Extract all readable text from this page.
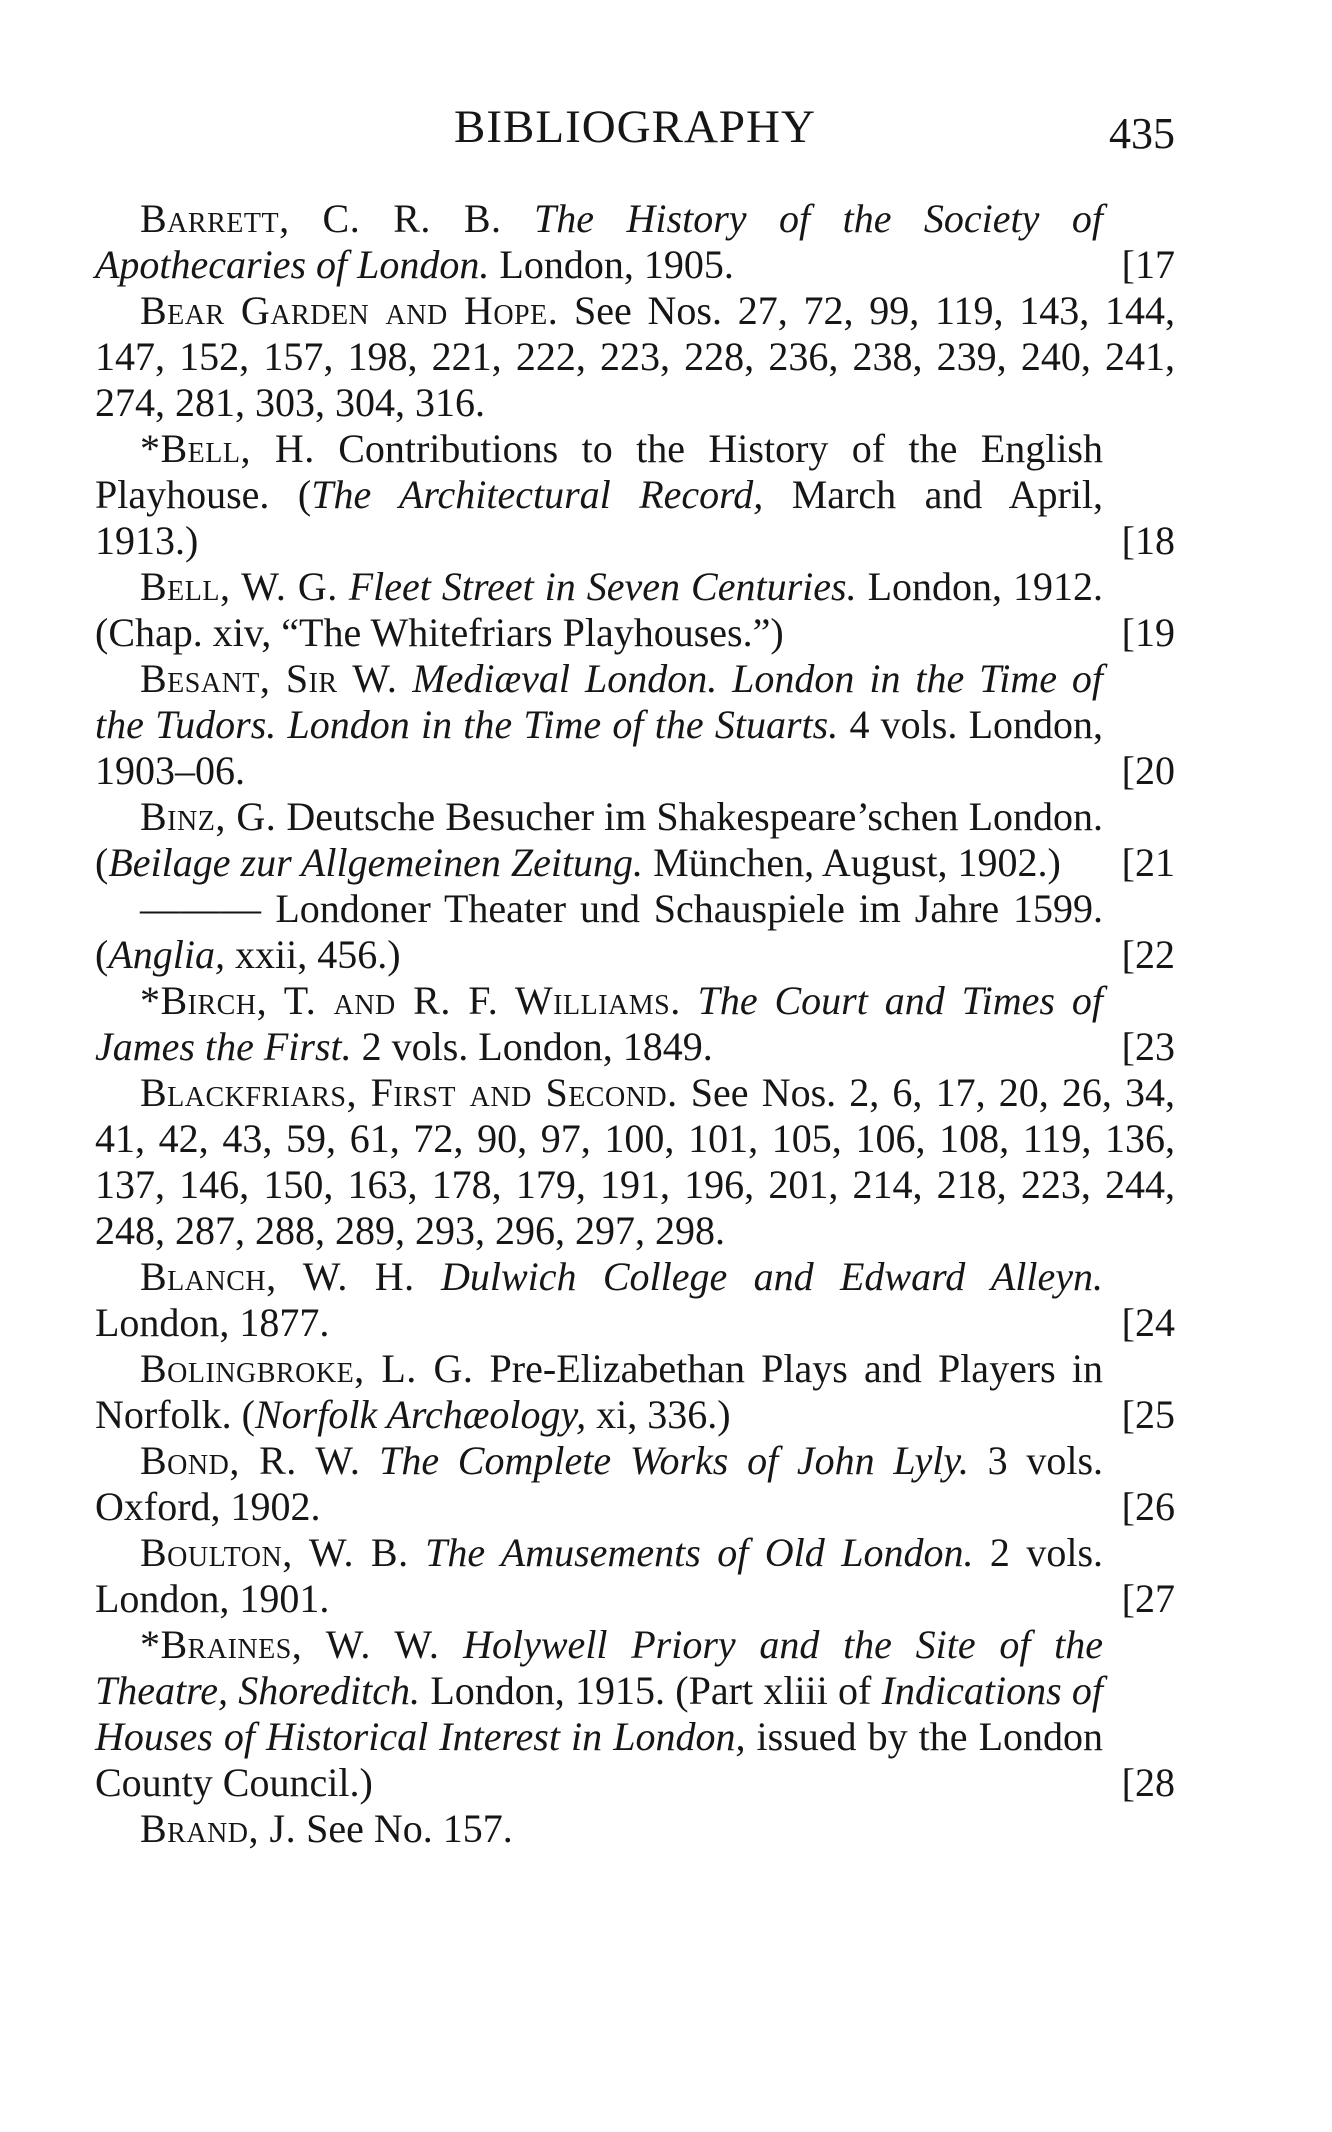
BIBLIOGRAPHY	435

Barrett, C. R. B. The History of the Society of Apothecaries of London. London, 1905.	[17

Bear Garden and Hope. See Nos. 27, 72, 99, 119, 143, 144, 147, 152, 157, 198, 221, 222, 223, 228, 236, 238, 239, 240, 241, 274, 281, 303, 304, 316.

*Bell, H. Contributions to the History of the English Playhouse. (The Architectural Record, March and April, 1913.)	[18

Bell, W. G. Fleet Street in Seven Centuries. London, 1912. (Chap. xiv, “The Whitefriars Playhouses.”)	[19

Besant, Sir W. Mediæval London. London in the Time of the Tudors. London in the Time of the Stuarts. 4 vols. London, 1903–06.	[20

Binz, G. Deutsche Besucher im Shakespeare’schen London. (Beilage zur Allgemeinen Zeitung. München, August, 1902.)	[21

——— Londoner Theater und Schauspiele im Jahre 1599. (Anglia, xxii, 456.)	[22

*Birch, T. and R. F. Williams. The Court and Times of James the First. 2 vols. London, 1849.	[23

Blackfriars, First and Second. See Nos. 2, 6, 17, 20, 26, 34, 41, 42, 43, 59, 61, 72, 90, 97, 100, 101, 105, 106, 108, 119, 136, 137, 146, 150, 163, 178, 179, 191, 196, 201, 214, 218, 223, 244, 248, 287, 288, 289, 293, 296, 297, 298.

Blanch, W. H. Dulwich College and Edward Alleyn. London, 1877.	[24

Bolingbroke, L. G. Pre-Elizabethan Plays and Players in Norfolk. (Norfolk Archæology, xi, 336.)	[25

Bond, R. W. The Complete Works of John Lyly. 3 vols. Oxford, 1902.	[26

Boulton, W. B. The Amusements of Old London. 2 vols. London, 1901.	[27

*Braines, W. W. Holywell Priory and the Site of the Theatre, Shoreditch. London, 1915. (Part xliii of Indications of Houses of Historical Interest in London, issued by the London County Council.)	[28

Brand, J. See No. 157.
